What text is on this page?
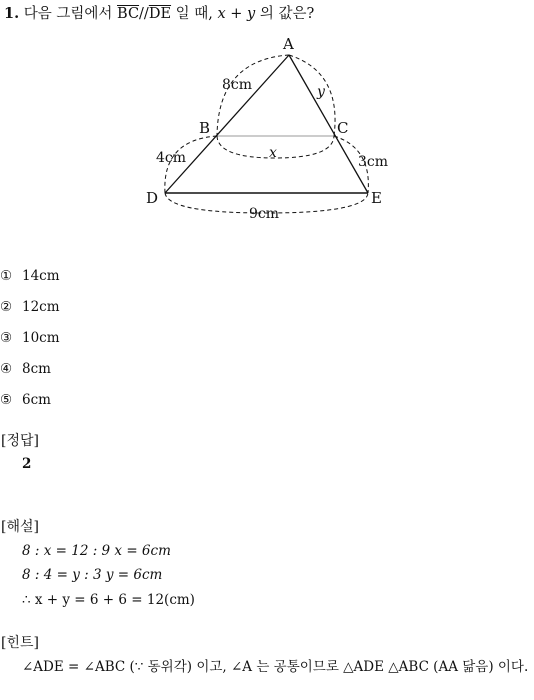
1. 다음 그림에서 $\overline{BC}//\overline{DE}$ 일 때, x + y 의 값은?
A
B	C
D	E
8cm	y
x
4cm	3cm
9cm
① 14cm
② 12cm
③ 10cm
④ 8cm
⑤ 6cm
[정답]
2
[해설]
8 : x = 12 : 9 x = 6cm
8 : 4 = y : 3 y = 6cm
∴ x + y = 6 + 6 = 12(cm)
[힌트]
∠ADE = ∠ABC (∵ 동위각) 이고, ∠A 는 공통이므로 △ADE △ABC (AA 닮음) 이다.
